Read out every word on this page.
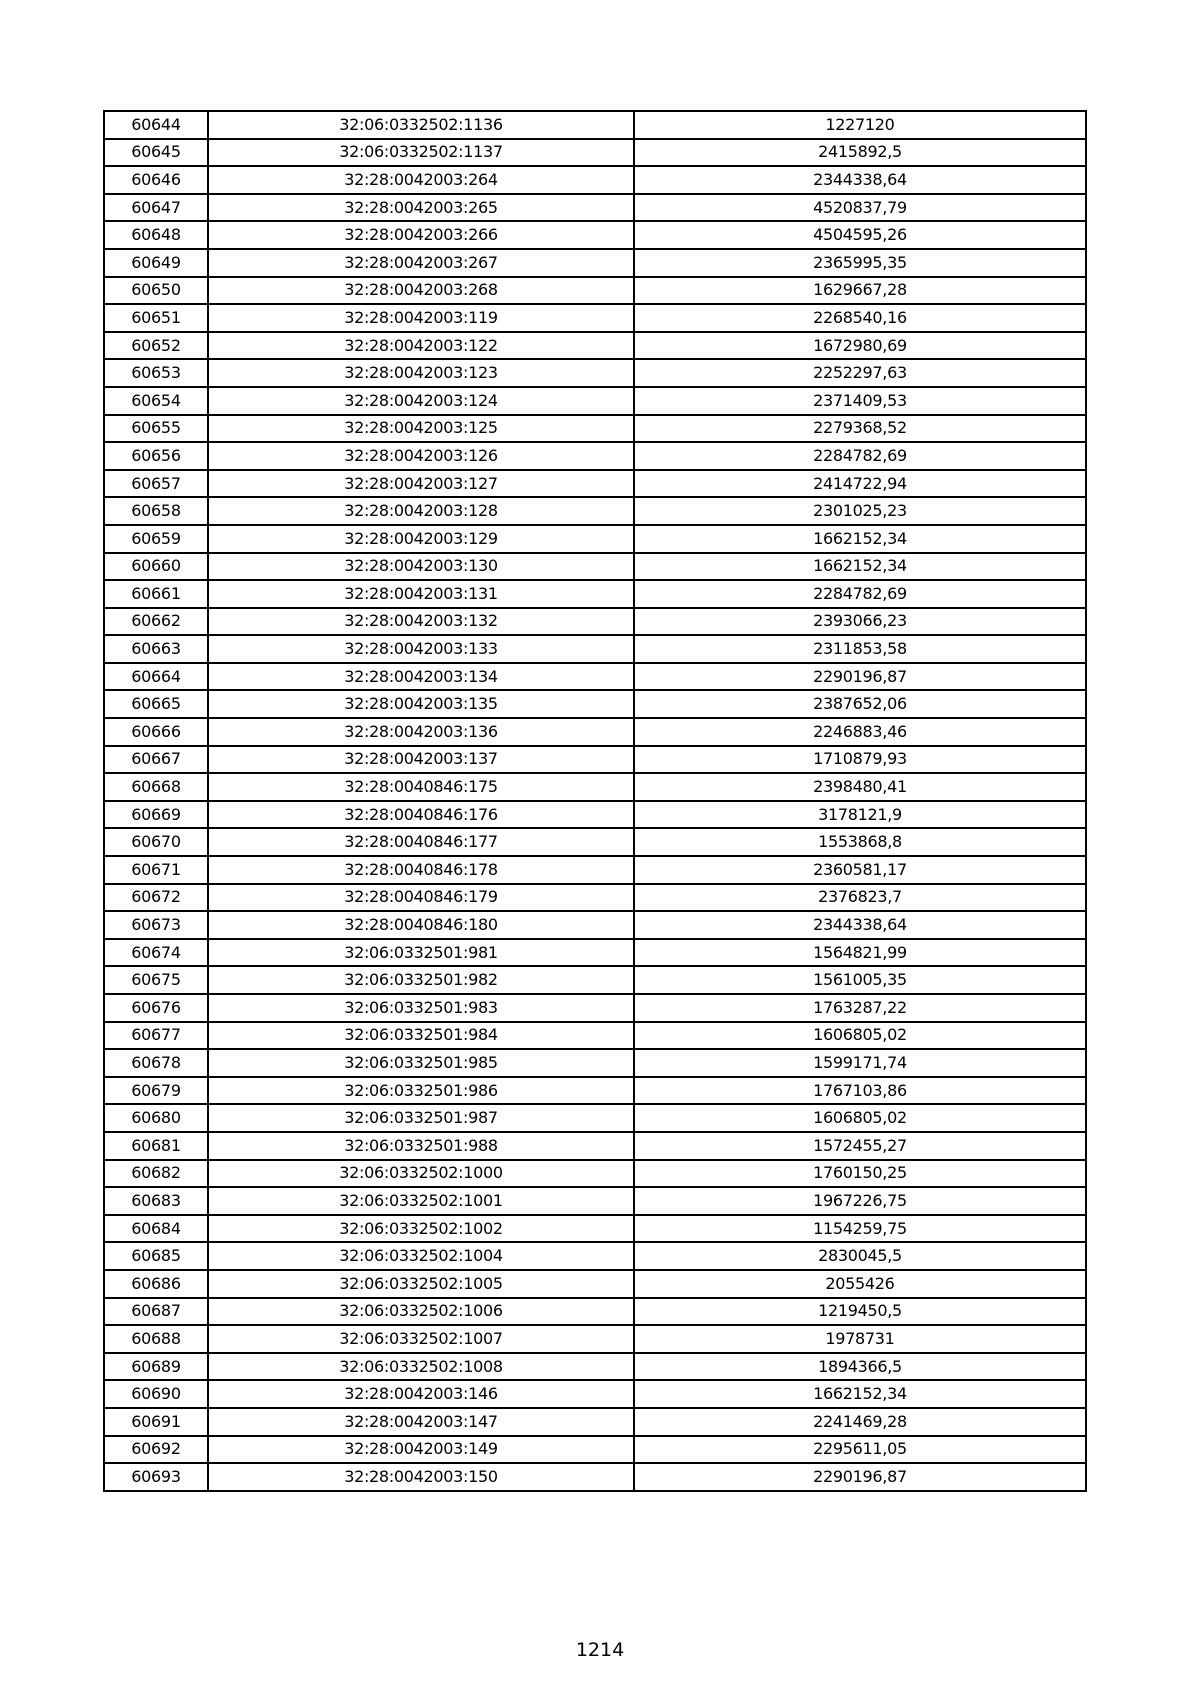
60644	32:06:0332502:1136	1227120
60645	32:06:0332502:1137	2415892,5
60646	32:28:0042003:264	2344338,64
60647	32:28:0042003:265	4520837,79
60648	32:28:0042003:266	4504595,26
60649	32:28:0042003:267	2365995,35
60650	32:28:0042003:268	1629667,28
60651	32:28:0042003:119	2268540,16
60652	32:28:0042003:122	1672980,69
60653	32:28:0042003:123	2252297,63
60654	32:28:0042003:124	2371409,53
60655	32:28:0042003:125	2279368,52
60656	32:28:0042003:126	2284782,69
60657	32:28:0042003:127	2414722,94
60658	32:28:0042003:128	2301025,23
60659	32:28:0042003:129	1662152,34
60660	32:28:0042003:130	1662152,34
60661	32:28:0042003:131	2284782,69
60662	32:28:0042003:132	2393066,23
60663	32:28:0042003:133	2311853,58
60664	32:28:0042003:134	2290196,87
60665	32:28:0042003:135	2387652,06
60666	32:28:0042003:136	2246883,46
60667	32:28:0042003:137	1710879,93
60668	32:28:0040846:175	2398480,41
60669	32:28:0040846:176	3178121,9
60670	32:28:0040846:177	1553868,8
60671	32:28:0040846:178	2360581,17
60672	32:28:0040846:179	2376823,7
60673	32:28:0040846:180	2344338,64
60674	32:06:0332501:981	1564821,99
60675	32:06:0332501:982	1561005,35
60676	32:06:0332501:983	1763287,22
60677	32:06:0332501:984	1606805,02
60678	32:06:0332501:985	1599171,74
60679	32:06:0332501:986	1767103,86
60680	32:06:0332501:987	1606805,02
60681	32:06:0332501:988	1572455,27
60682	32:06:0332502:1000	1760150,25
60683	32:06:0332502:1001	1967226,75
60684	32:06:0332502:1002	1154259,75
60685	32:06:0332502:1004	2830045,5
60686	32:06:0332502:1005	2055426
60687	32:06:0332502:1006	1219450,5
60688	32:06:0332502:1007	1978731
60689	32:06:0332502:1008	1894366,5
60690	32:28:0042003:146	1662152,34
60691	32:28:0042003:147	2241469,28
60692	32:28:0042003:149	2295611,05
60693	32:28:0042003:150	2290196,87
1214
